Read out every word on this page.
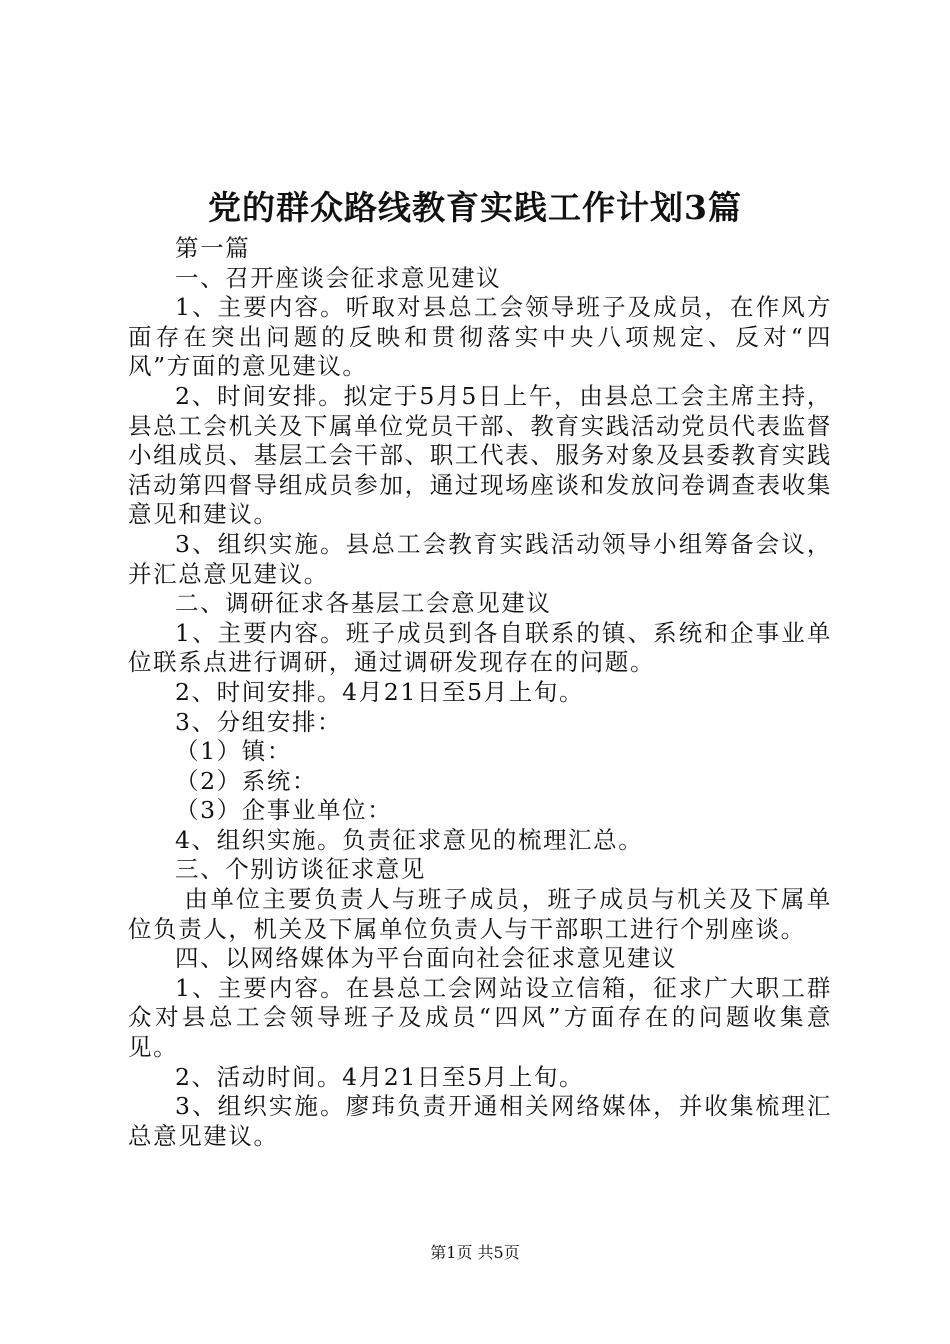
党的群众路线教育实践工作计划3篇

第一篇

一、召开座谈会征求意见建议

1、主要内容。听取对县总工会领导班子及成员，在作风方面存在突出问题的反映和贯彻落实中央八项规定、反对“四风”方面的意见建议。

2、时间安排。拟定于5月5日上午，由县总工会主席主持，县总工会机关及下属单位党员干部、教育实践活动党员代表监督小组成员、基层工会干部、职工代表、服务对象及县委教育实践活动第四督导组成员参加，通过现场座谈和发放问卷调查表收集意见和建议。

3、组织实施。县总工会教育实践活动领导小组筹备会议，并汇总意见建议。

二、调研征求各基层工会意见建议

1、主要内容。班子成员到各自联系的镇、系统和企事业单位联系点进行调研，通过调研发现存在的问题。

2、时间安排。4月21日至5月上旬。

3、分组安排：

（1）镇：

（2）系统：

（3）企事业单位：

4、组织实施。负责征求意见的梳理汇总。

三、个别访谈征求意见

由单位主要负责人与班子成员，班子成员与机关及下属单位负责人，机关及下属单位负责人与干部职工进行个别座谈。

四、以网络媒体为平台面向社会征求意见建议

1、主要内容。在县总工会网站设立信箱，征求广大职工群众对县总工会领导班子及成员“四风”方面存在的问题收集意见。

2、活动时间。4月21日至5月上旬。

3、组织实施。廖玮负责开通相关网络媒体，并收集梳理汇总意见建议。

第1页 共5页
